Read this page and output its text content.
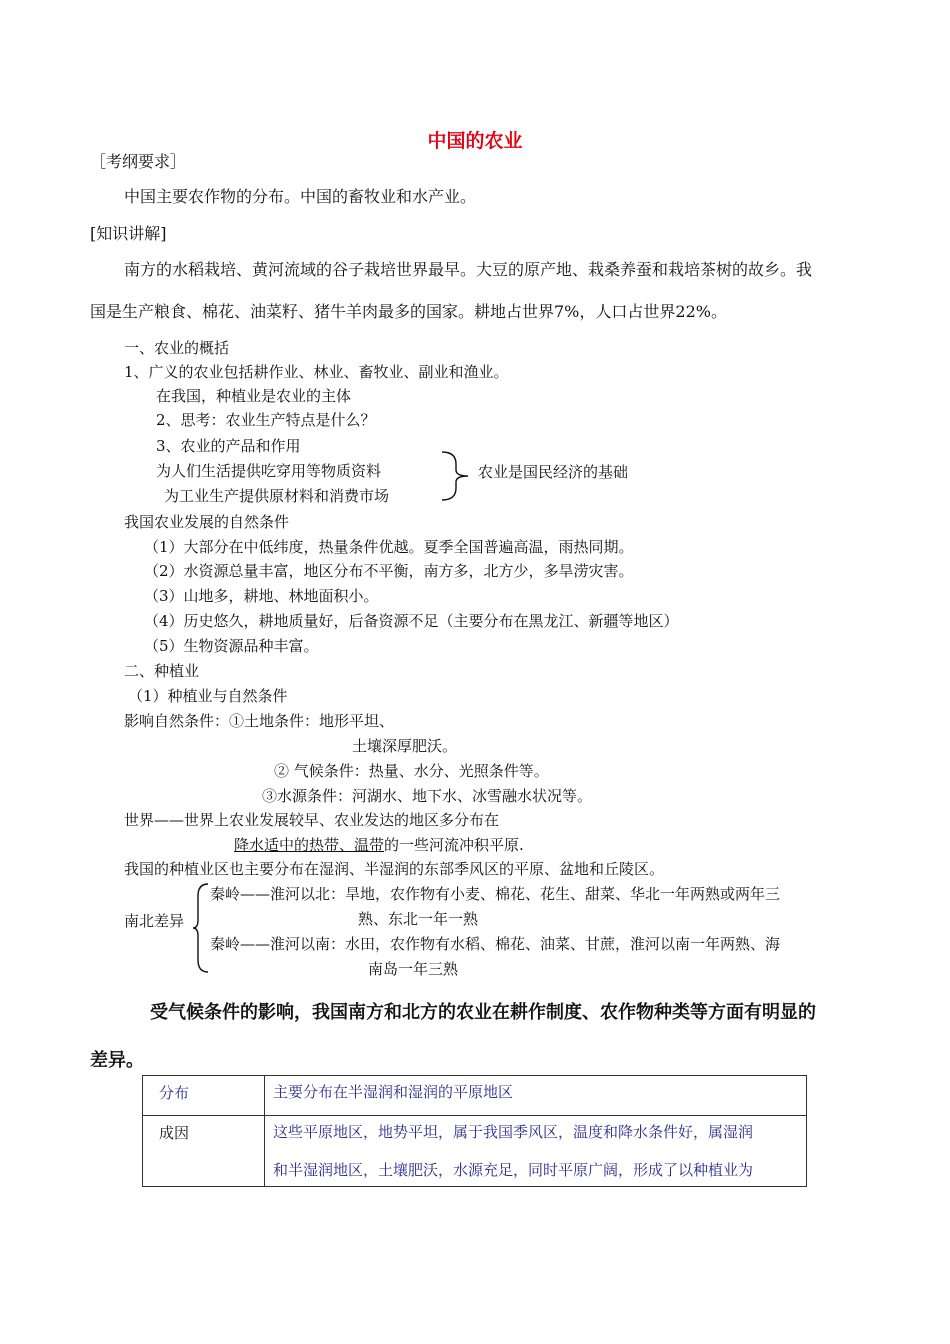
中国的农业
［考纲要求］
中国主要农作物的分布。中国的畜牧业和水产业。
[知识讲解]
南方的水稻栽培、黄河流域的谷子栽培世界最早。大豆的原产地、栽桑养蚕和栽培茶树的故乡。我
国是生产粮食、棉花、油菜籽、猪牛羊肉最多的国家。耕地占世界7%，人口占世界22%。
一、农业的概括
1、广义的农业包括耕作业、林业、畜牧业、副业和渔业。
在我国，种植业是农业的主体
2、思考：农业生产特点是什么？
3、农业的产品和作用
为人们生活提供吃穿用等物质资料
为工业生产提供原材料和消费市场
农业是国民经济的基础
我国农业发展的自然条件
（1）大部分在中低纬度，热量条件优越。夏季全国普遍高温，雨热同期。
（2）水资源总量丰富，地区分布不平衡，南方多，北方少，多旱涝灾害。
（3）山地多，耕地、林地面积小。
（4）历史悠久，耕地质量好，后备资源不足（主要分布在黑龙江、新疆等地区）
（5）生物资源品种丰富。
二、种植业
（1）种植业与自然条件
影响自然条件：①土地条件：地形平坦、
土壤深厚肥沃。
② 气候条件：热量、水分、光照条件等。
③水源条件：河湖水、地下水、冰雪融水状况等。
世界——世界上农业发展较早、农业发达的地区多分布在
降水适中的热带、温带的一些河流冲积平原.
我国的种植业区也主要分布在湿润、半湿润的东部季风区的平原、盆地和丘陵区。
南北差异
秦岭——淮河以北：旱地，农作物有小麦、棉花、花生、甜菜、华北一年两熟或两年三
熟、东北一年一熟
秦岭——淮河以南：水田，农作物有水稻、棉花、油菜、甘蔗，淮河以南一年两熟、海
南岛一年三熟
受气候条件的影响，我国南方和北方的农业在耕作制度、农作物种类等方面有明显的
差异。
分布	主要分布在半湿润和湿润的平原地区

成因	这些平原地区，地势平坦，属于我国季风区，温度和降水条件好，属湿润
和半湿润地区，土壤肥沃，水源充足，同时平原广阔，形成了以种植业为
